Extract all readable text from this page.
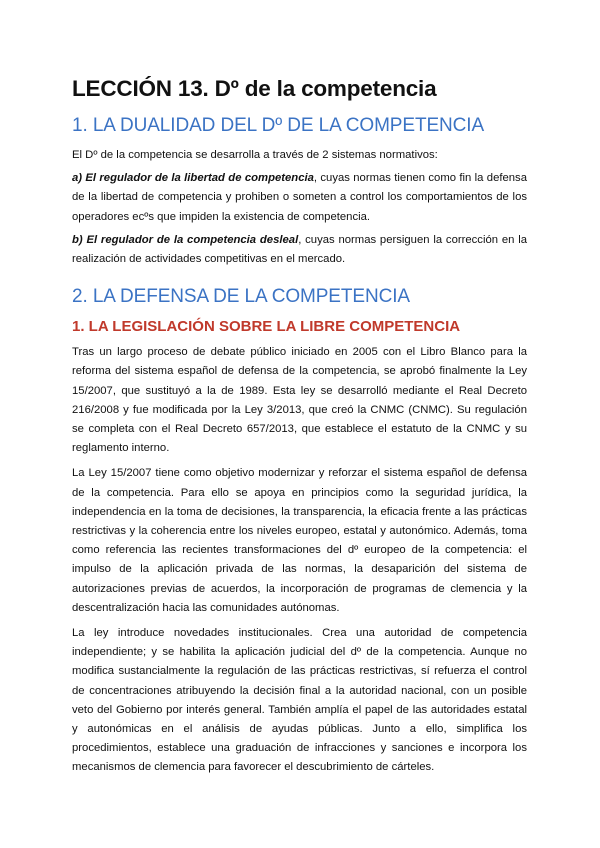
LECCIÓN 13. Dº de la competencia
1. LA DUALIDAD DEL Dº DE LA COMPETENCIA

El Dº de la competencia se desarrolla a través de 2 sistemas normativos:

a) El regulador de la libertad de competencia, cuyas normas tienen como fin la defensa de la libertad de competencia y prohiben o someten a control los comportamientos de los operadores ecºs que impiden la existencia de competencia.

b) El regulador de la competencia desleal, cuyas normas persiguen la corrección en la realización de actividades competitivas en el mercado.

2. LA DEFENSA DE LA COMPETENCIA
1. LA LEGISLACIÓN SOBRE LA LIBRE COMPETENCIA

Tras un largo proceso de debate público iniciado en 2005 con el Libro Blanco para la reforma del sistema español de defensa de la competencia, se aprobó finalmente la Ley 15/2007, que sustituyó a la de 1989. Esta ley se desarrolló mediante el Real Decreto 216/2008 y fue modificada por la Ley 3/2013, que creó la CNMC (CNMC). Su regulación se completa con el Real Decreto 657/2013, que establece el estatuto de la CNMC y su reglamento interno.

La Ley 15/2007 tiene como objetivo modernizar y reforzar el sistema español de defensa de la competencia. Para ello se apoya en principios como la seguridad jurídica, la independencia en la toma de decisiones, la transparencia, la eficacia frente a las prácticas restrictivas y la coherencia entre los niveles europeo, estatal y autonómico. Además, toma como referencia las recientes transformaciones del dº europeo de la competencia: el impulso de la aplicación privada de las normas, la desaparición del sistema de autorizaciones previas de acuerdos, la incorporación de programas de clemencia y la descentralización hacia las comunidades autónomas.

La ley introduce novedades institucionales. Crea una autoridad de competencia independiente; y se habilita la aplicación judicial del dº de la competencia. Aunque no modifica sustancialmente la regulación de las prácticas restrictivas, sí refuerza el control de concentraciones atribuyendo la decisión final a la autoridad nacional, con un posible veto del Gobierno por interés general. También amplía el papel de las autoridades estatal y autonómicas en el análisis de ayudas públicas. Junto a ello, simplifica los procedimientos, establece una graduación de infracciones y sanciones e incorpora los mecanismos de clemencia para favorecer el descubrimiento de cárteles.
